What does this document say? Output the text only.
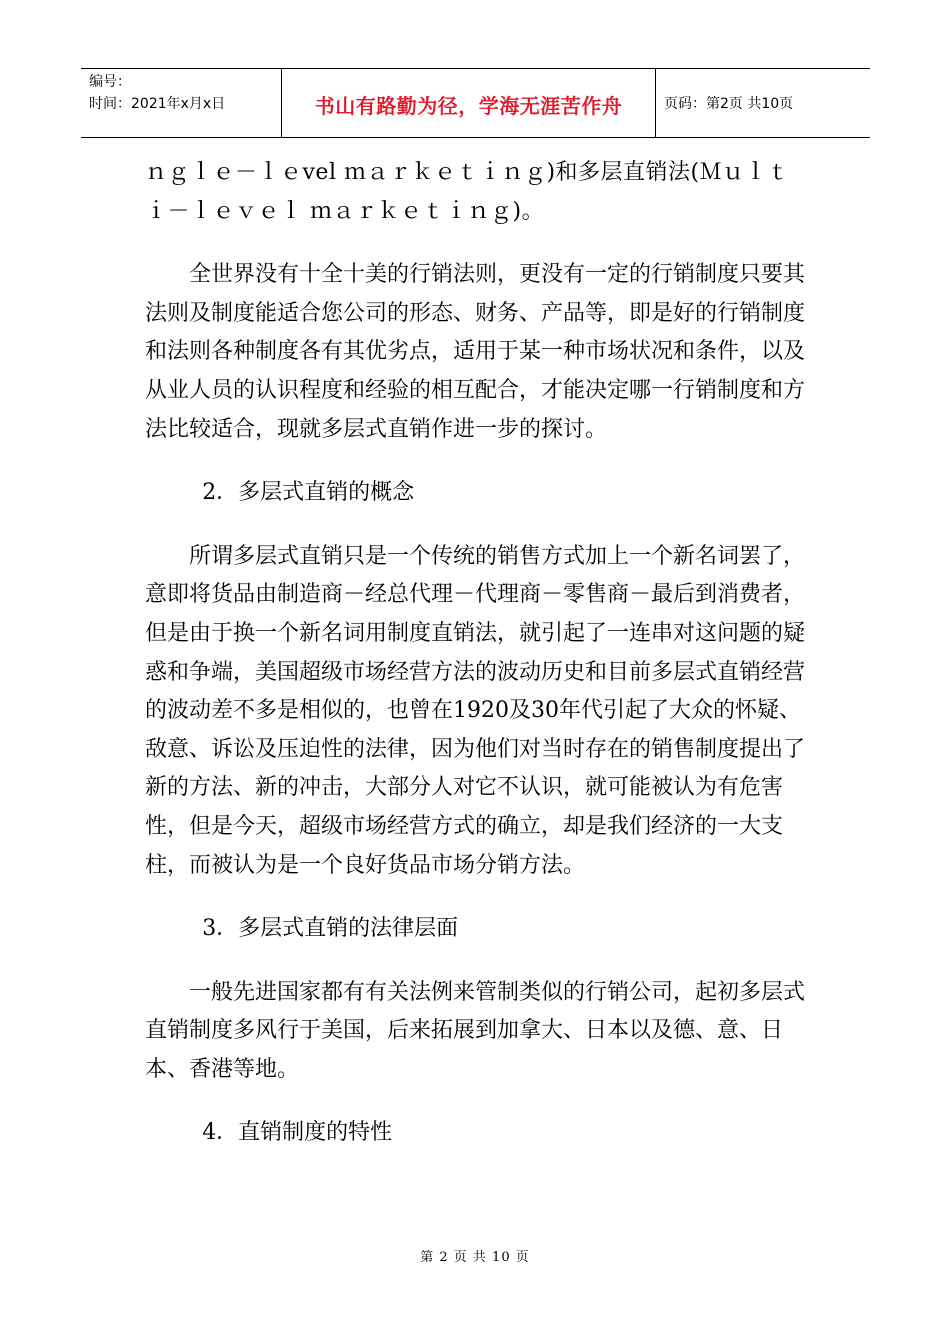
编号：
时间：2021年x月x日	书山有路勤为径，学海无涯苦作舟	页码：第2页 共10页

ｎｇｌｅ－ｌｅvel ｍａｒｋｅｔｉｎｇ)和多层直销法(Ｍｕｌｔｉ－ｌｅｖｅｌ ｍａｒｋｅｔｉｎｇ)。

全世界没有十全十美的行销法则，更没有一定的行销制度只要其法则及制度能适合您公司的形态、财务、产品等，即是好的行销制度和法则各种制度各有其优劣点，适用于某一种市场状况和条件，以及从业人员的认识程度和经验的相互配合，才能决定哪一行销制度和方法比较适合，现就多层式直销作进一步的探讨。

2．多层式直销的概念

所谓多层式直销只是一个传统的销售方式加上一个新名词罢了，意即将货品由制造商－经总代理－代理商－零售商－最后到消费者，但是由于换一个新名词用制度直销法，就引起了一连串对这问题的疑惑和争端，美国超级市场经营方法的波动历史和目前多层式直销经营的波动差不多是相似的，也曾在1920及30年代引起了大众的怀疑、敌意、诉讼及压迫性的法律，因为他们对当时存在的销售制度提出了新的方法、新的冲击，大部分人对它不认识，就可能被认为有危害性，但是今天，超级市场经营方式的确立，却是我们经济的一大支柱，而被认为是一个良好货品市场分销方法。

3．多层式直销的法律层面

一般先进国家都有有关法例来管制类似的行销公司，起初多层式直销制度多风行于美国，后来拓展到加拿大、日本以及德、意、日本、香港等地。

4．直销制度的特性

第 2 页 共 10 页
